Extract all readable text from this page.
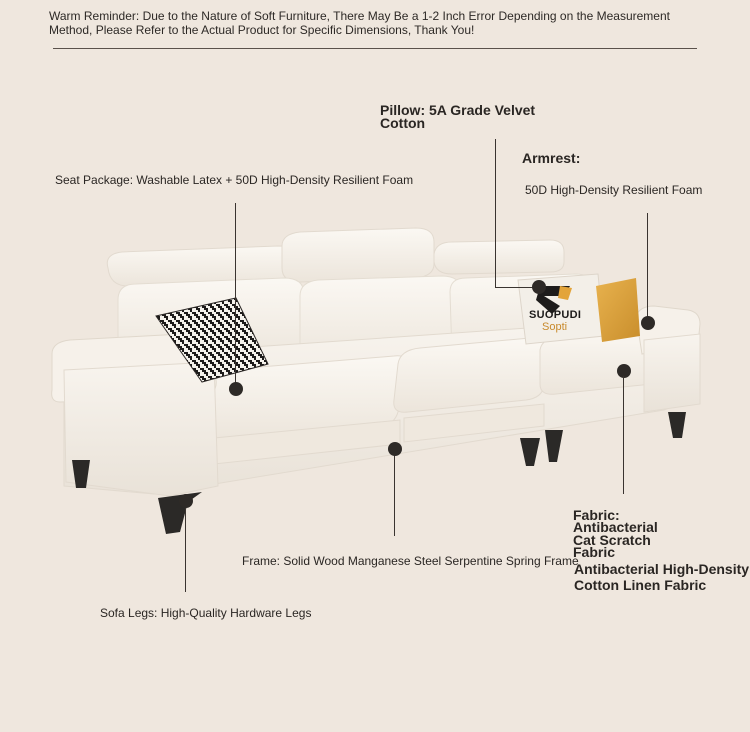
Warm Reminder: Due to the Nature of Soft Furniture, There May Be a 1-2 Inch Error Depending on the Measurement Method, Please Refer to the Actual Product for Specific Dimensions, Thank You!
SUOPUDI
Sopti
Pillow: 5A Grade Velvet
Cotton
Armrest:
50D High-Density Resilient Foam
Seat Package: Washable Latex + 50D High-Density Resilient Foam
Frame: Solid Wood Manganese Steel Serpentine Spring Frame
Sofa Legs: High-Quality Hardware Legs
Fabric:
Antibacterial
Cat Scratch
Fabric
Antibacterial High-Density
Cotton Linen Fabric
